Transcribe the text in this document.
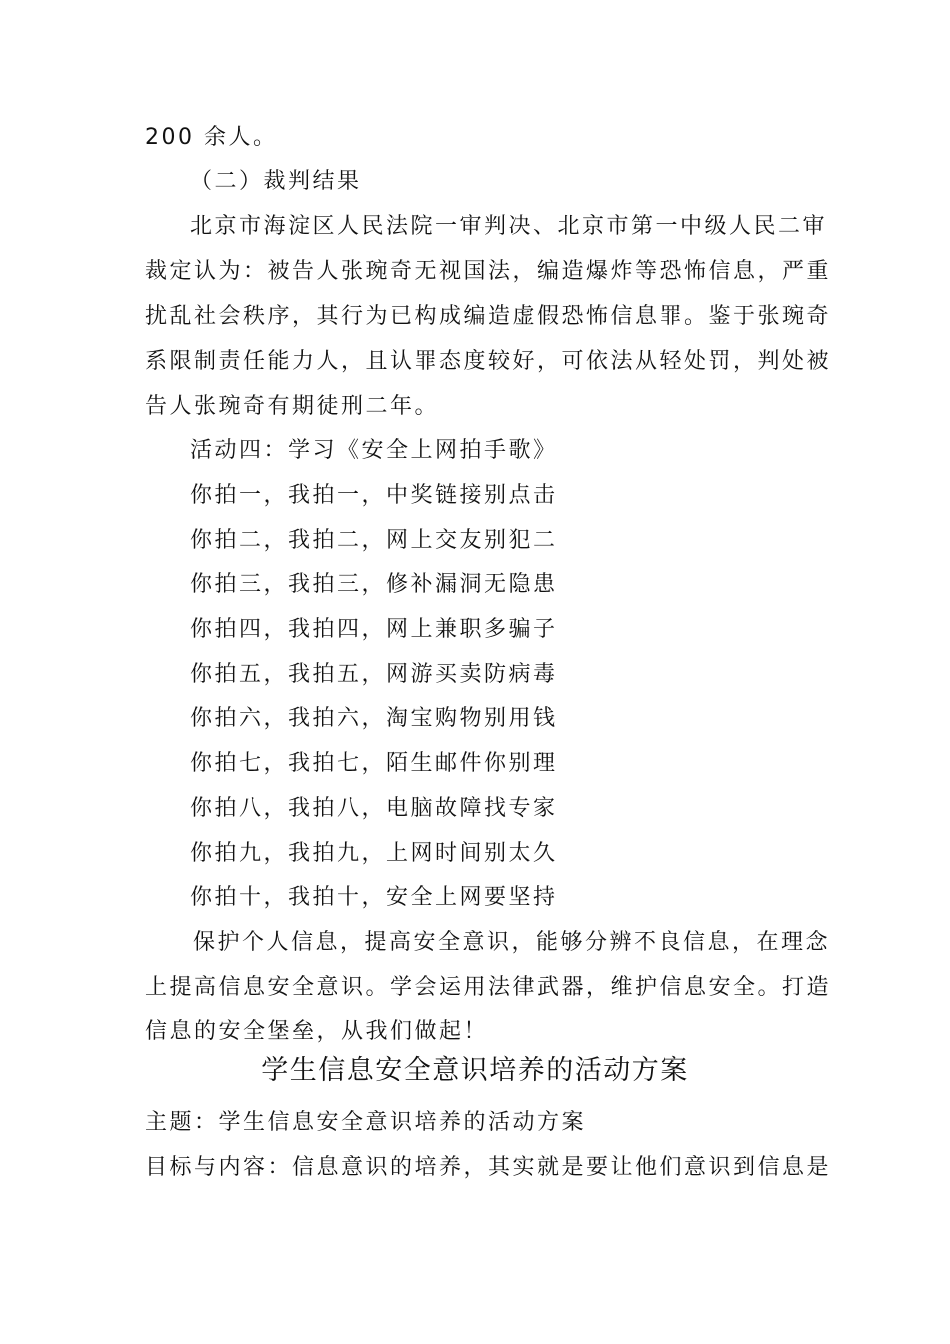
200 余人。
（二）裁判结果
北京市海淀区人民法院一审判决、北京市第一中级人民二审
裁定认为：被告人张琬奇无视国法，编造爆炸等恐怖信息，严重
扰乱社会秩序，其行为已构成编造虚假恐怖信息罪。鉴于张琬奇
系限制责任能力人，且认罪态度较好，可依法从轻处罚，判处被
告人张琬奇有期徒刑二年。
活动四：学习《安全上网拍手歌》
你拍一，我拍一，中奖链接别点击
你拍二，我拍二，网上交友别犯二
你拍三，我拍三，修补漏洞无隐患
你拍四，我拍四，网上兼职多骗子
你拍五，我拍五，网游买卖防病毒
你拍六，我拍六，淘宝购物别用钱
你拍七，我拍七，陌生邮件你别理
你拍八，我拍八，电脑故障找专家
你拍九，我拍九，上网时间别太久
你拍十，我拍十，安全上网要坚持
保护个人信息，提高安全意识，能够分辨不良信息，在理念
上提高信息安全意识。学会运用法律武器，维护信息安全。打造
信息的安全堡垒，从我们做起！
学生信息安全意识培养的活动方案
主题：学生信息安全意识培养的活动方案
目标与内容：信息意识的培养，其实就是要让他们意识到信息是
